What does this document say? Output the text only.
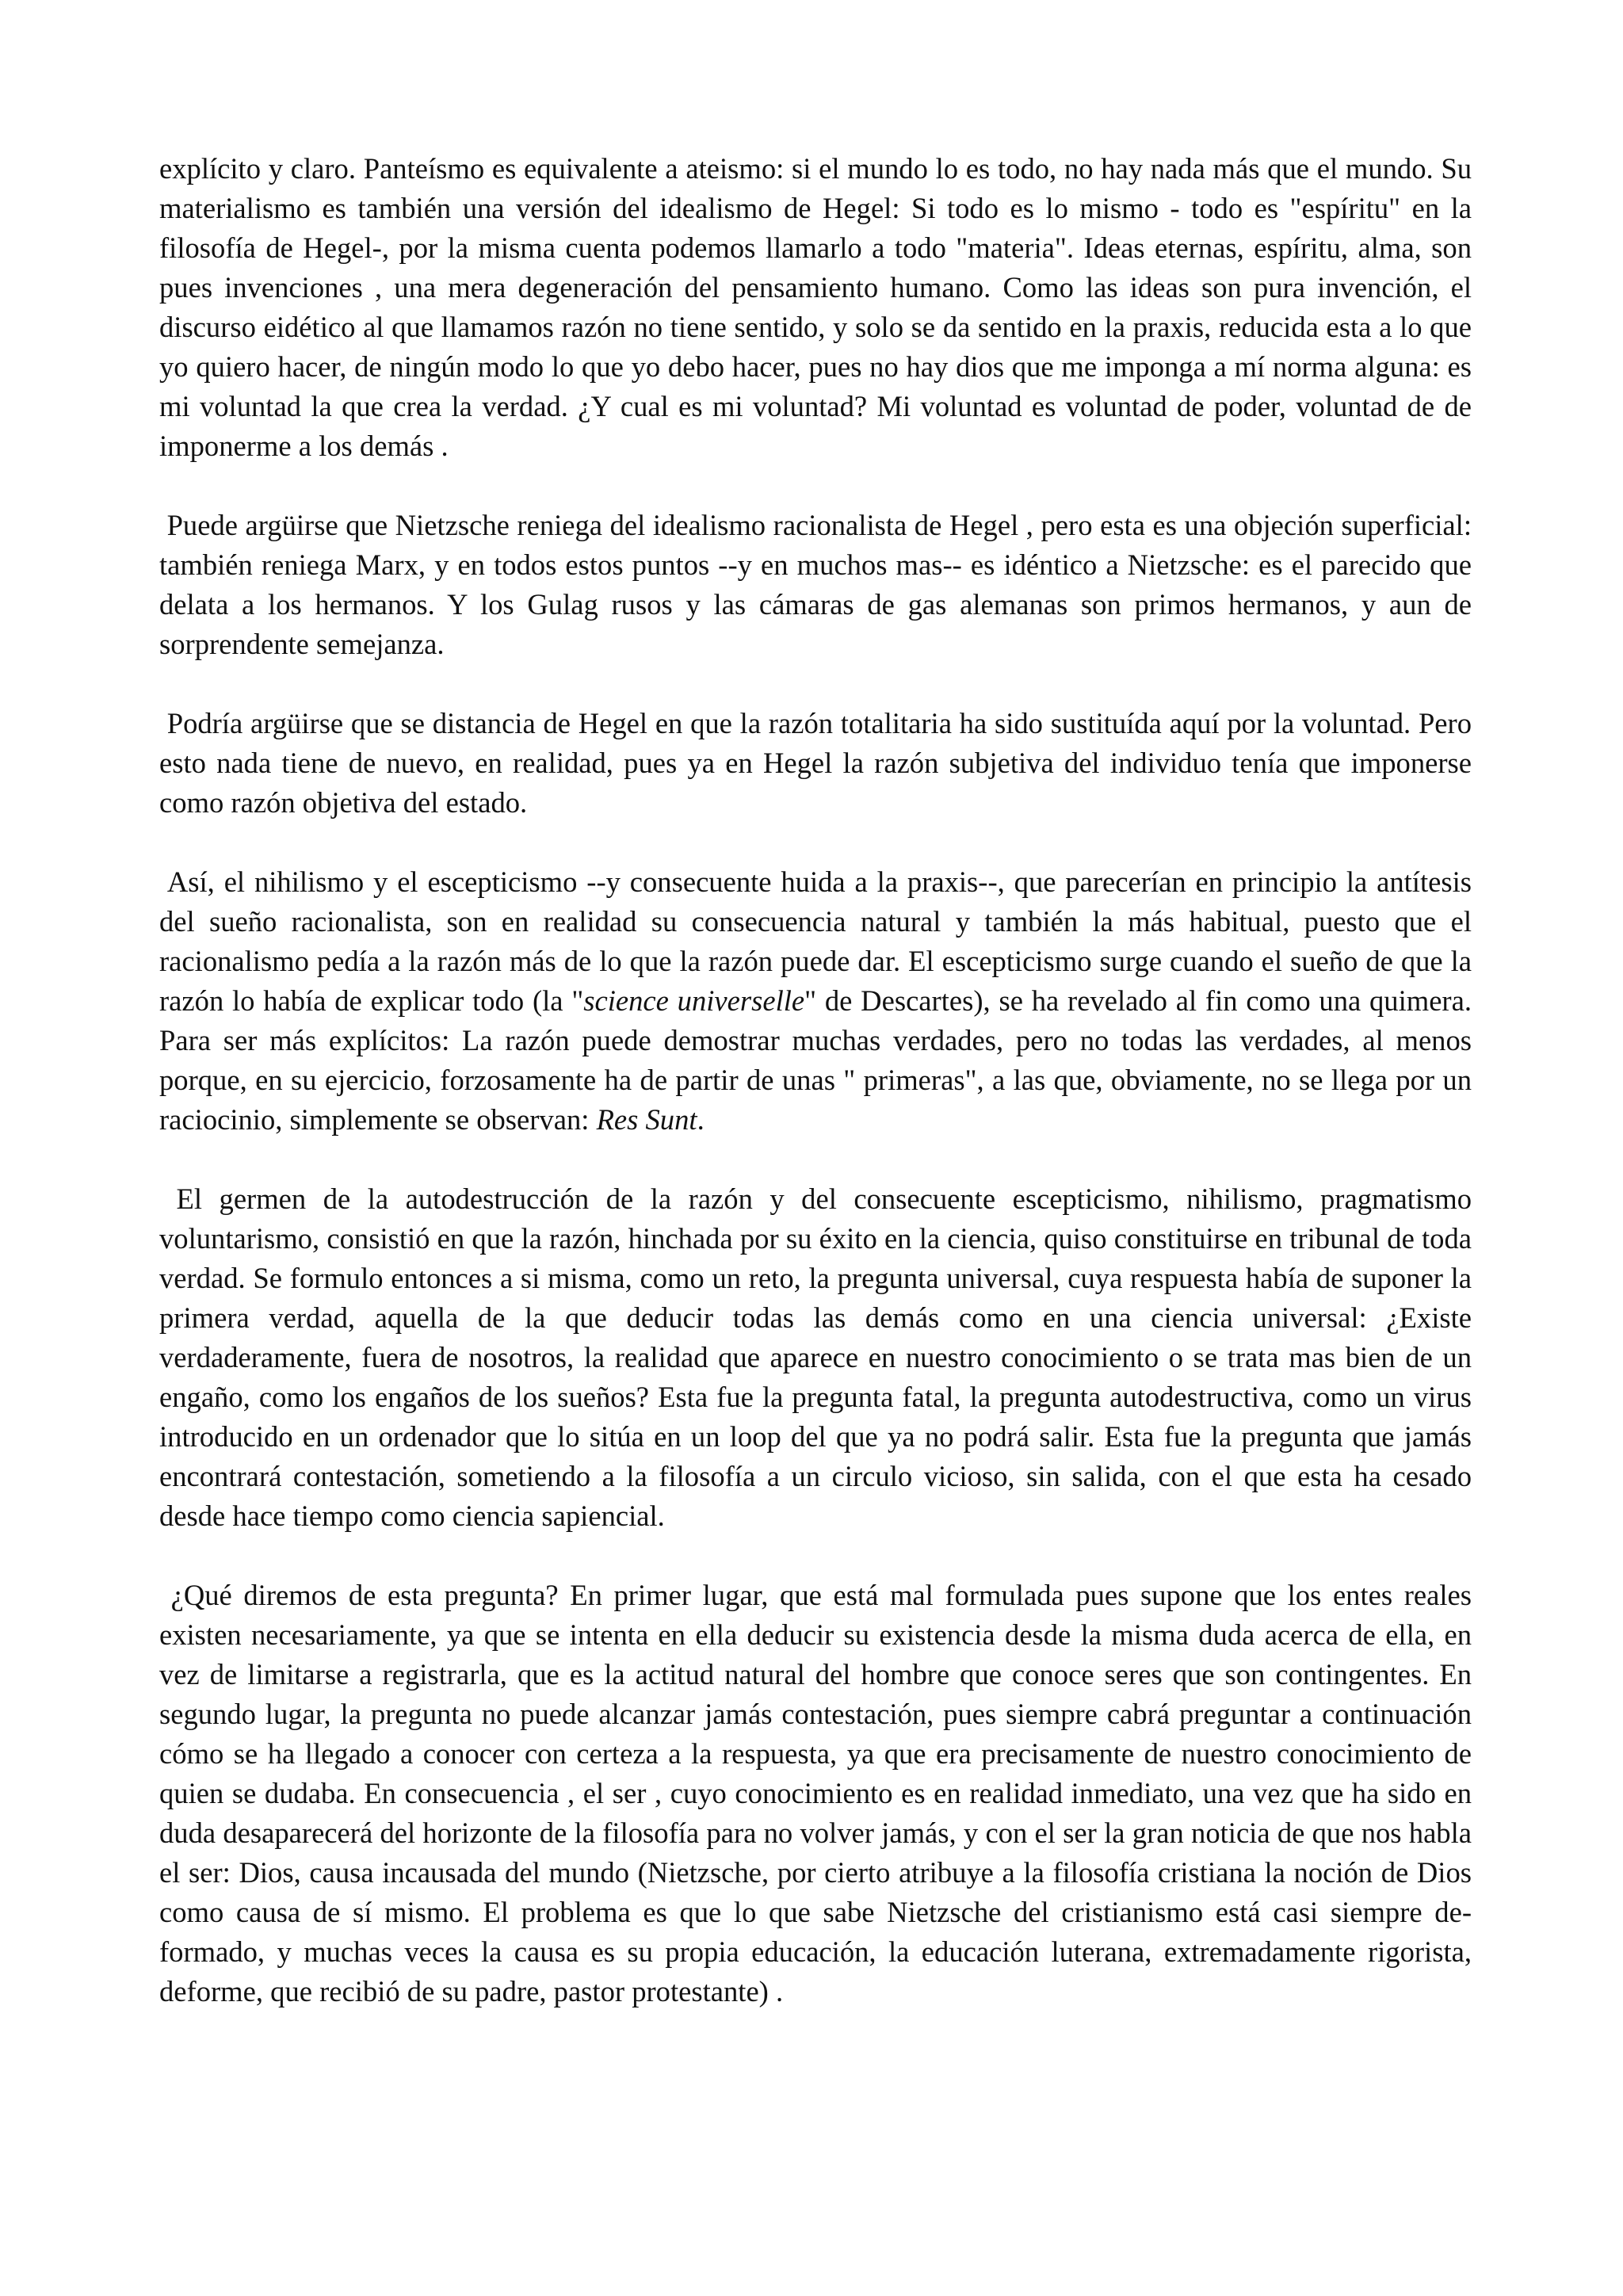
explícito y claro. Panteísmo es equivalente a ateismo: si el mundo lo es todo, no hay nada más que el mundo. Su materialismo es también una versión del idealismo de Hegel: Si todo es lo mismo - todo es "espíritu" en la filosofía de Hegel-, por la misma cuenta podemos llamarlo a todo "materia". Ideas eternas, espíritu, alma, son pues invenciones , una mera degeneración del pensamiento humano. Como las ideas son pura invención, el discurso eidético al que llamamos razón no tiene sentido, y solo se da sentido en la praxis, reducida esta a lo que yo quiero hacer, de ningún modo lo que yo debo hacer, pues no hay dios que me imponga a mí norma alguna: es mi voluntad la que crea la verdad. ¿Y cual es mi voluntad? Mi voluntad es voluntad de poder, voluntad de de imponerme a los demás .

Puede argüirse que Nietzsche reniega del idealismo racionalista de Hegel , pero esta es una objeción superficial: también reniega Marx, y en todos estos puntos --y en muchos mas-- es idéntico a Nietzsche: es el parecido que delata a los hermanos. Y los Gulag rusos y las cámaras de gas alemanas son primos hermanos, y aun de sorprendente semejanza.

Podría argüirse que se distancia de Hegel en que la razón totalitaria ha sido sustituída aquí por la voluntad. Pero esto nada tiene de nuevo, en realidad, pues ya en Hegel la razón subjetiva del individuo tenía que imponerse como razón objetiva del estado.

Así, el nihilismo y el escepticismo --y consecuente huida a la praxis--, que parecerían en principio la antítesis del sueño racionalista, son en realidad su consecuencia natural y también la más habitual, puesto que el racionalismo pedía a la razón más de lo que la razón puede dar. El escepticismo surge cuando el sueño de que la razón lo había de explicar todo (la "science universelle" de Descartes), se ha revelado al fin como una quimera. Para ser más explícitos: La razón puede demostrar muchas verdades, pero no todas las verdades, al menos porque, en su ejercicio, forzosamente ha de partir de unas " primeras", a las que, obviamente, no se llega por un raciocinio, simplemente se observan: Res Sunt.

El germen de la autodestrucción de la razón y del consecuente escepticismo, nihilismo, pragmatismo voluntarismo, consistió en que la razón, hinchada por su éxito en la ciencia, quiso constituirse en tribunal de toda verdad. Se formulo entonces a si misma, como un reto, la pregunta universal, cuya respuesta había de suponer la primera verdad, aquella de la que deducir todas las demás como en una ciencia universal: ¿Existe verdaderamente, fuera de nosotros, la realidad que aparece en nuestro conocimiento o se trata mas bien de un engaño, como los engaños de los sueños? Esta fue la pregunta fatal, la pregunta autodestructiva, como un virus introducido en un ordenador que lo sitúa en un loop del que ya no podrá salir. Esta fue la pregunta que jamás encontrará contestación, sometiendo a la filosofía a un circulo vicioso, sin salida, con el que esta ha cesado desde hace tiempo como ciencia sapiencial.

¿Qué diremos de esta pregunta? En primer lugar, que está mal formulada pues supone que los entes reales existen necesariamente, ya que se intenta en ella deducir su existencia desde la misma duda acerca de ella, en vez de limitarse a registrarla, que es la actitud natural del hombre que conoce seres que son contingentes. En segundo lugar, la pregunta no puede alcanzar jamás contestación, pues siempre cabrá preguntar a continuación cómo se ha llegado a conocer con certeza a la respuesta, ya que era precisamente de nuestro conocimiento de quien se dudaba. En consecuencia , el ser , cuyo conocimiento es en realidad inmediato, una vez que ha sido en duda desaparecerá del horizonte de la filosofía para no volver jamás, y con el ser la gran noticia de que nos habla el ser: Dios, causa incausada del mundo (Nietzsche, por cierto atribuye a la filosofía cristiana la noción de Dios como causa de sí mismo. El problema es que lo que sabe Nietzsche del cristianismo está casi siempre deformado, y muchas veces la causa es su propia educación, la educación luterana, extremadamente rigorista, deforme, que recibió de su padre, pastor protestante) .
